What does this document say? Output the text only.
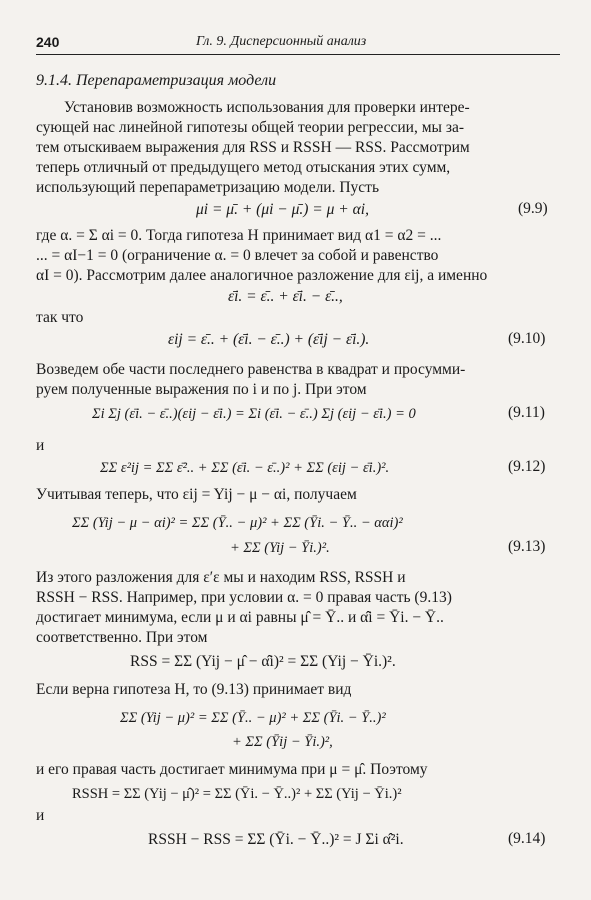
240	Гл. 9. Дисперсионный анализ
9.1.4. Перепараметризация модели
Установив возможность использования для проверки интере-
сующей нас линейной гипотезы общей теории регрессии, мы за-
тем отыскиваем выражения для RSS и RSSH — RSS. Рассмотрим
теперь отличный от предыдущего метод отыскания этих сумм,
использующий перепараметризацию модели. Пусть
μi = μ̄. + (μi − μ̄.) = μ + αi,	(9.9)
где α. = Σ αi = 0. Тогда гипотеза H принимает вид α1 = α2 = ...
... = αI−1 = 0 (ограничение α. = 0 влечет за собой и равенство
αI = 0). Рассмотрим далее аналогичное разложение для εij, а именно
ε̄i. = ε̄.. + ε̄i. − ε̄..,
так что
εij = ε̄.. + (ε̄i. − ε̄..) + (ε̄ij − ε̄i.).	(9.10)
Возведем обе части последнего равенства в квадрат и просумми-
руем полученные выражения по i и по j. При этом
Σi Σj (ε̄i. − ε̄..)(εij − ε̄i.) = Σi (ε̄i. − ε̄..) Σj (εij − ε̄i.) = 0	(9.11)
и
ΣΣ ε²ij = ΣΣ ε̄².. + ΣΣ (ε̄i. − ε̄..)² + ΣΣ (εij − ε̄i.)².	(9.12)
Учитывая теперь, что εij = Yij − μ − αi, получаем
ΣΣ (Yij − μ − αi)² = ΣΣ (Ȳ.. − μ)² + ΣΣ (Ȳi. − Ȳ.. − ααi)²
+ ΣΣ (Yij − Ȳi.)².	(9.13)
Из этого разложения для ε′ε мы и находим RSS, RSSH и
RSSH − RSS. Например, при условии α. = 0 правая часть (9.13)
достигает минимума, если μ и αi равны μ̂ = Ȳ.. и α̂i = Ȳi. − Ȳ..
соответственно. При этом
RSS = ΣΣ (Yij − μ̂ − α̂i)² = ΣΣ (Yij − Ȳi.)².
Если верна гипотеза H, то (9.13) принимает вид
ΣΣ (Yij − μ)² = ΣΣ (Ȳ.. − μ)² + ΣΣ (Ȳi. − Ȳ..)²
+ ΣΣ (Ȳij − Ȳi.)²,
и его правая часть достигает минимума при μ = μ̂. Поэтому
RSSH = ΣΣ (Yij − μ̂)² = ΣΣ (Ȳi. − Ȳ..)² + ΣΣ (Yij − Ȳi.)²
и
RSSH − RSS = ΣΣ (Ȳi. − Ȳ..)² = J Σi α̂²i.	(9.14)
